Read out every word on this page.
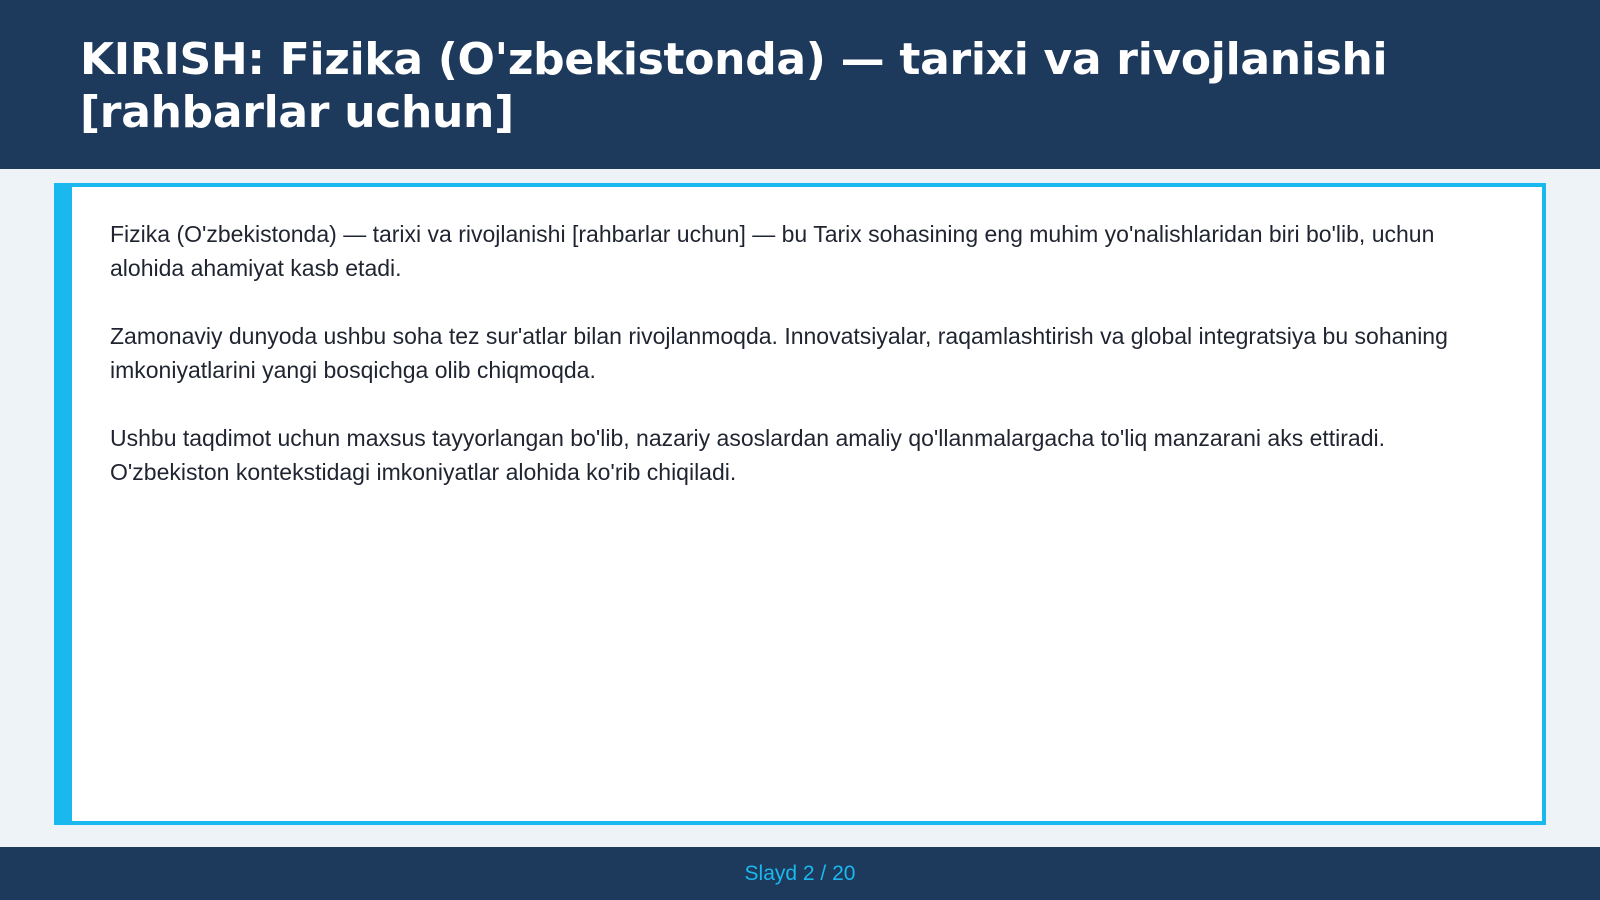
KIRISH: Fizika (O'zbekistonda) — tarixi va rivojlanishi [rahbarlar uchun]

Fizika (O'zbekistonda) — tarixi va rivojlanishi [rahbarlar uchun] — bu Tarix sohasining eng muhim yo'nalishlaridan biri bo'lib, uchun alohida ahamiyat kasb etadi.

Zamonaviy dunyoda ushbu soha tez sur'atlar bilan rivojlanmoqda. Innovatsiyalar, raqamlashtirish va global integratsiya bu sohaning imkoniyatlarini yangi bosqichga olib chiqmoqda.

Ushbu taqdimot uchun maxsus tayyorlangan bo'lib, nazariy asoslardan amaliy qo'llanmalargacha to'liq manzarani aks ettiradi. O'zbekiston kontekstidagi imkoniyatlar alohida ko'rib chiqiladi.

Slayd 2 / 20
